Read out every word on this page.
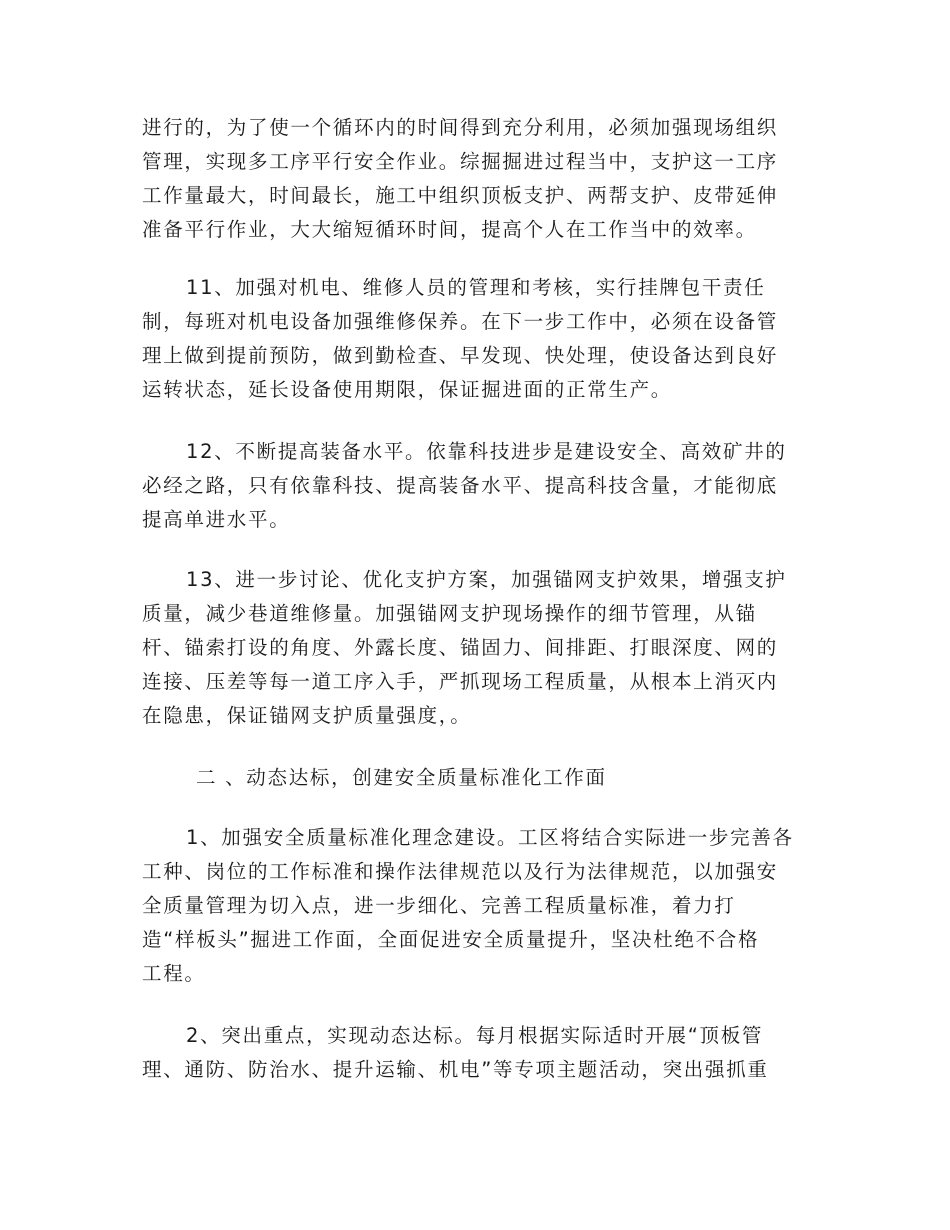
进行的，为了使一个循环内的时间得到充分利用，必须加强现场组织
管理，实现多工序平行安全作业。综掘掘进过程当中，支护这一工序
工作量最大，时间最长，施工中组织顶板支护、两帮支护、皮带延伸
准备平行作业，大大缩短循环时间，提高个人在工作当中的效率。
11、加强对机电、维修人员的管理和考核，实行挂牌包干责任
制，每班对机电设备加强维修保养。在下一步工作中，必须在设备管
理上做到提前预防，做到勤检查、早发现、快处理，使设备达到良好
运转状态，延长设备使用期限，保证掘进面的正常生产。
12、不断提高装备水平。依靠科技进步是建设安全、高效矿井的
必经之路，只有依靠科技、提高装备水平、提高科技含量，才能彻底
提高单进水平。
13、进一步讨论、优化支护方案，加强锚网支护效果，增强支护
质量，减少巷道维修量。加强锚网支护现场操作的细节管理，从锚
杆、锚索打设的角度、外露长度、锚固力、间排距、打眼深度、网的
连接、压差等每一道工序入手，严抓现场工程质量，从根本上消灭内
在隐患，保证锚网支护质量强度，。
二 、动态达标，创建安全质量标准化工作面
1、加强安全质量标准化理念建设。工区将结合实际进一步完善各
工种、岗位的工作标准和操作法律规范以及行为法律规范，以加强安
全质量管理为切入点，进一步细化、完善工程质量标准，着力打
造“样板头”掘进工作面，全面促进安全质量提升，坚决杜绝不合格
工程。
2、突出重点，实现动态达标。每月根据实际适时开展“顶板管
理、通防、防治水、提升运输、机电”等专项主题活动，突出强抓重
